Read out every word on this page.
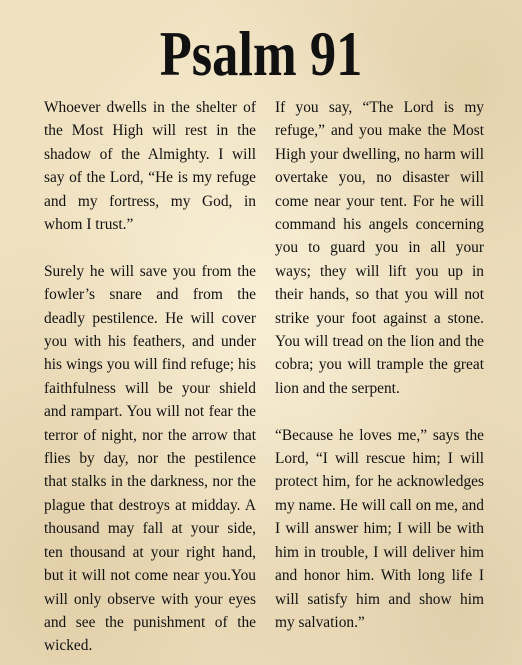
Psalm 91

Whoever dwells in the shelter of the Most High will rest in the shadow of the Almighty. I will say of the Lord, “He is my refuge and my fortress, my God, in whom I trust.”

Surely he will save you from the fowler’s snare and from the deadly pestilence. He will cover you with his feathers, and under his wings you will find refuge; his faithfulness will be your shield and rampart. You will not fear the terror of night, nor the arrow that flies by day, nor the pestilence that stalks in the darkness, nor the plague that destroys at midday. A thousand may fall at your side, ten thousand at your right hand, but it will not come near you.You will only observe with your eyes and see the punishment of the wicked.

If you say, “The Lord is my refuge,” and you make the Most High your dwelling, no harm will overtake you, no disaster will come near your tent. For he will command his angels concerning you to guard you in all your ways; they will lift you up in their hands, so that you will not strike your foot against a stone. You will tread on the lion and the cobra; you will trample the great lion and the serpent.

“Because he loves me,” says the Lord, “I will rescue him; I will protect him, for he acknowledges my name. He will call on me, and I will answer him; I will be with him in trouble, I will deliver him and honor him. With long life I will satisfy him and show him my salvation.”
